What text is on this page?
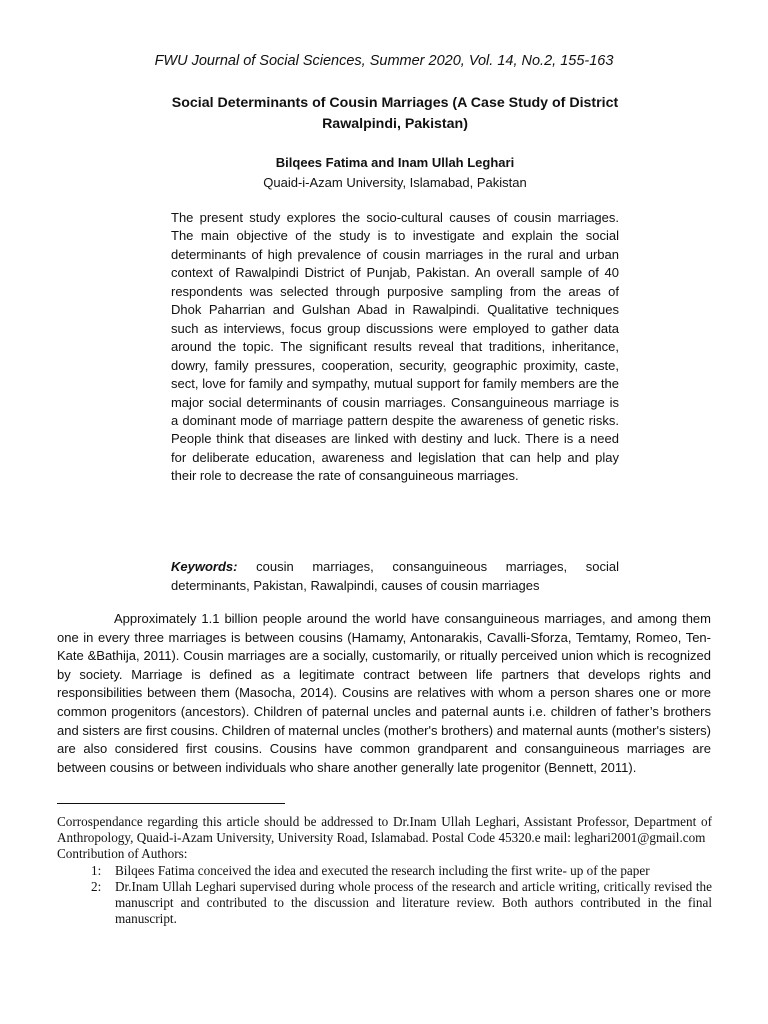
FWU Journal of Social Sciences, Summer 2020, Vol. 14, No.2, 155-163
Social Determinants of Cousin Marriages (A Case Study of District Rawalpindi, Pakistan)
Bilqees Fatima and Inam Ullah Leghari
Quaid-i-Azam University, Islamabad, Pakistan
The present study explores the socio-cultural causes of cousin marriages. The main objective of the study is to investigate and explain the social determinants of high prevalence of cousin marriages in the rural and urban context of Rawalpindi District of Punjab, Pakistan. An overall sample of 40 respondents was selected through purposive sampling from the areas of Dhok Paharrian and Gulshan Abad in Rawalpindi. Qualitative techniques such as interviews, focus group discussions were employed to gather data around the topic. The significant results reveal that traditions, inheritance, dowry, family pressures, cooperation, security, geographic proximity, caste, sect, love for family and sympathy, mutual support for family members are the major social determinants of cousin marriages. Consanguineous marriage is a dominant mode of marriage pattern despite the awareness of genetic risks. People think that diseases are linked with destiny and luck. There is a need for deliberate education, awareness and legislation that can help and play their role to decrease the rate of consanguineous marriages.
Keywords: cousin marriages, consanguineous marriages, social determinants, Pakistan, Rawalpindi, causes of cousin marriages
Approximately 1.1 billion people around the world have consanguineous marriages, and among them one in every three marriages is between cousins (Hamamy, Antonarakis, Cavalli-Sforza, Temtamy, Romeo, Ten-Kate &Bathija, 2011). Cousin marriages are a socially, customarily, or ritually perceived union which is recognized by society. Marriage is defined as a legitimate contract between life partners that develops rights and responsibilities between them (Masocha, 2014). Cousins are relatives with whom a person shares one or more common progenitors (ancestors). Children of paternal uncles and paternal aunts i.e. children of father’s brothers and sisters are first cousins. Children of maternal uncles (mother's brothers) and maternal aunts (mother's sisters) are also considered first cousins. Cousins have common grandparent and consanguineous marriages are between cousins or between individuals who share another generally late progenitor (Bennett, 2011).
Corrospendance regarding this article should be addressed to Dr.Inam Ullah Leghari, Assistant Professor, Department of Anthropology, Quaid-i-Azam University, University Road, Islamabad. Postal Code 45320.e mail: leghari2001@gmail.com
Contribution of Authors:
1:	Bilqees Fatima conceived the idea and executed the research including the first write- up of the paper
2:	Dr.Inam Ullah Leghari supervised during whole process of the research and article writing, critically revised the manuscript and contributed to the discussion and literature review. Both authors contributed in the final manuscript.
